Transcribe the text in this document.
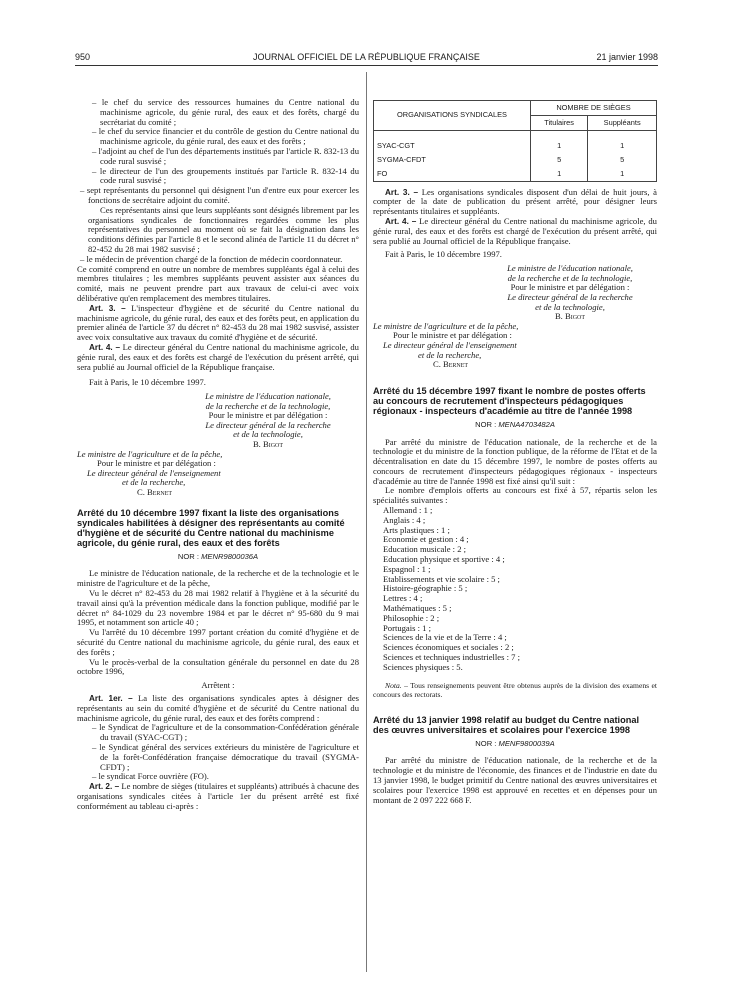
950	JOURNAL OFFICIEL DE LA RÉPUBLIQUE FRANÇAISE	21 janvier 1998

– le chef du service des ressources humaines du Centre national du machinisme agricole, du génie rural, des eaux et des forêts, chargé du secrétariat du comité ;

– le chef du service financier et du contrôle de gestion du Centre national du machinisme agricole, du génie rural, des eaux et des forêts ;

– l'adjoint au chef de l'un des départements institués par l'article R. 832-13 du code rural susvisé ;

– le directeur de l'un des groupements institués par l'article R. 832-14 du code rural susvisé ;

– sept représentants du personnel qui désignent l'un d'entre eux pour exercer les fonctions de secrétaire adjoint du comité.

Ces représentants ainsi que leurs suppléants sont désignés librement par les organisations syndicales de fonctionnaires regardées comme les plus représentatives du personnel au moment où se fait la désignation dans les conditions définies par l'article 8 et le second alinéa de l'article 11 du décret n° 82-452 du 28 mai 1982 susvisé ;

– le médecin de prévention chargé de la fonction de médecin coordonnateur.

Ce comité comprend en outre un nombre de membres suppléants égal à celui des membres titulaires ; les membres suppléants peuvent assister aux séances du comité, mais ne peuvent prendre part aux travaux de celui-ci avec voix délibérative qu'en remplacement des membres titulaires.

Art. 3. – L'inspecteur d'hygiène et de sécurité du Centre national du machinisme agricole, du génie rural, des eaux et des forêts peut, en application du premier alinéa de l'article 37 du décret n° 82-453 du 28 mai 1982 susvisé, assister avec voix consultative aux travaux du comité d'hygiène et de sécurité.

Art. 4. – Le directeur général du Centre national du machinisme agricole, du génie rural, des eaux et des forêts est chargé de l'exécution du présent arrêté, qui sera publié au Journal officiel de la République française.

Fait à Paris, le 10 décembre 1997.

Le ministre de l'éducation nationale,
de la recherche et de la technologie,
Pour le ministre et par délégation :
Le directeur général de la recherche
et de la technologie,
B. Bigot
Le ministre de l'agriculture et de la pêche,
Pour le ministre et par délégation :
Le directeur général de l'enseignement
et de la recherche,
C. Bernet
Arrêté du 10 décembre 1997 fixant la liste des organisations syndicales habilitées à désigner des représentants au comité d'hygiène et de sécurité du Centre national du machinisme agricole, du génie rural, des eaux et des forêts
NOR : MENR9800036A

Le ministre de l'éducation nationale, de la recherche et de la technologie et le ministre de l'agriculture et de la pêche,

Vu le décret n° 82-453 du 28 mai 1982 relatif à l'hygiène et à la sécurité du travail ainsi qu'à la prévention médicale dans la fonction publique, modifié par le décret n° 84-1029 du 23 novembre 1984 et par le décret n° 95-680 du 9 mai 1995, et notamment son article 40 ;

Vu l'arrêté du 10 décembre 1997 portant création du comité d'hygiène et de sécurité du Centre national du machinisme agricole, du génie rural, des eaux et des forêts ;

Vu le procès-verbal de la consultation générale du personnel en date du 28 octobre 1996,

Arrêtent :

Art. 1er. – La liste des organisations syndicales aptes à désigner des représentants au sein du comité d'hygiène et de sécurité du Centre national du machinisme agricole, du génie rural, des eaux et des forêts comprend :

– le Syndicat de l'agriculture et de la consommation-Confédération générale du travail (SYAC-CGT) ;

– le Syndicat général des services extérieurs du ministère de l'agriculture et de la forêt-Confédération française démocratique du travail (SYGMA-CFDT) ;

– le syndicat Force ouvrière (FO).

Art. 2. – Le nombre de sièges (titulaires et suppléants) attribués à chacune des organisations syndicales citées à l'article 1er du présent arrêté est fixé conformément au tableau ci-après :

ORGANISATIONS SYNDICALES	NOMBRE DE SIÈGES	
	Titulaires	Suppléants

SYAC-CGT	1	1
SYGMA-CFDT	5	5
FO	1	1

Art. 3. – Les organisations syndicales disposent d'un délai de huit jours, à compter de la date de publication du présent arrêté, pour désigner leurs représentants titulaires et suppléants.

Art. 4. – Le directeur général du Centre national du machinisme agricole, du génie rural, des eaux et des forêts est chargé de l'exécution du présent arrêté, qui sera publié au Journal officiel de la République française.

Fait à Paris, le 10 décembre 1997.

Le ministre de l'éducation nationale,
de la recherche et de la technologie,
Pour le ministre et par délégation :
Le directeur général de la recherche
et de la technologie,
B. Bigot
Le ministre de l'agriculture et de la pêche,
Pour le ministre et par délégation :
Le directeur général de l'enseignement
et de la recherche,
C. Bernet
Arrêté du 15 décembre 1997 fixant le nombre de postes offerts au concours de recrutement d'inspecteurs pédagogiques régionaux - inspecteurs d'académie au titre de l'année 1998
NOR : MENA4703482A

Par arrêté du ministre de l'éducation nationale, de la recherche et de la technologie et du ministre de la fonction publique, de la réforme de l'Etat et de la décentralisation en date du 15 décembre 1997, le nombre de postes offerts au concours de recrutement d'inspecteurs pédagogiques régionaux - inspecteurs d'académie au titre de l'année 1998 est fixé ainsi qu'il suit :

Le nombre d'emplois offerts au concours est fixé à 57, répartis selon les spécialités suivantes :

Allemand : 1 ;
Anglais : 4 ;
Arts plastiques : 1 ;
Economie et gestion : 4 ;
Education musicale : 2 ;
Education physique et sportive : 4 ;
Espagnol : 1 ;
Etablissements et vie scolaire : 5 ;
Histoire-géographie : 5 ;
Lettres : 4 ;
Mathématiques : 5 ;
Philosophie : 2 ;
Portugais : 1 ;
Sciences de la vie et de la Terre : 4 ;
Sciences économiques et sociales : 2 ;
Sciences et techniques industrielles : 7 ;
Sciences physiques : 5.

Nota. – Tous renseignements peuvent être obtenus auprès de la division des examens et concours des rectorats.

Arrêté du 13 janvier 1998 relatif au budget du Centre national des œuvres universitaires et scolaires pour l'exercice 1998
NOR : MENF9800039A

Par arrêté du ministre de l'éducation nationale, de la recherche et de la technologie et du ministre de l'économie, des finances et de l'industrie en date du 13 janvier 1998, le budget primitif du Centre national des œuvres universitaires et scolaires pour l'exercice 1998 est approuvé en recettes et en dépenses pour un montant de 2 097 222 668 F.
